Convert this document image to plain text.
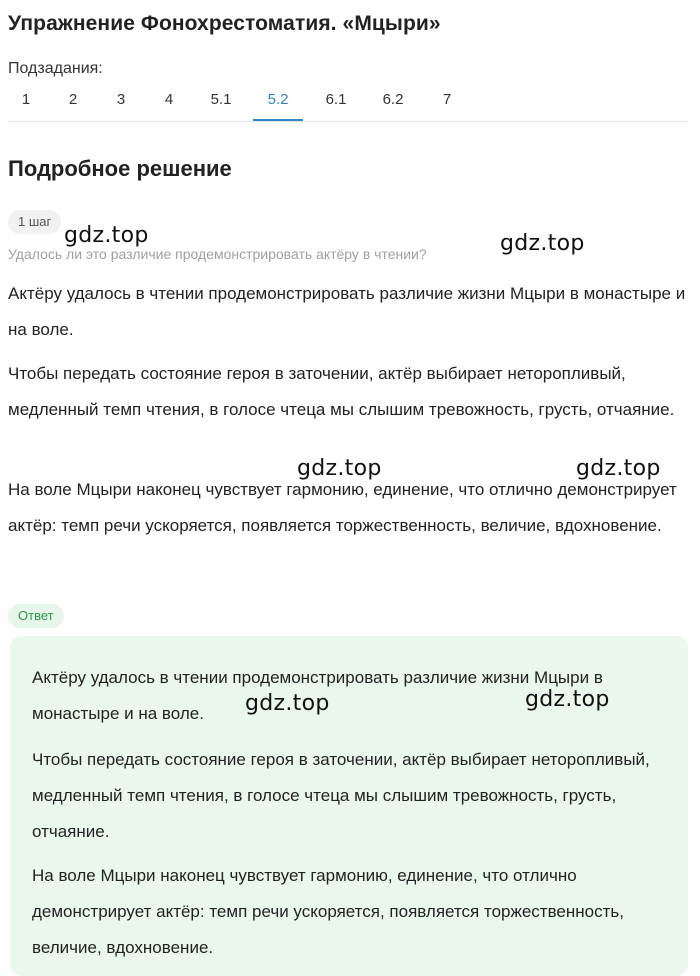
Упражнение Фонохрестоматия. «Мцыри»
Подзадания:
1	2	3	4	5.1	5.2	6.1	6.2	7
Подробное решение
1 шаг
Удалось ли это различие продемонстрировать актёру в чтении?
Актёру удалось в чтении продемонстрировать различие жизни Мцыри в монастыре и на воле.
Чтобы передать состояние героя в заточении, актёр выбирает неторопливый, медленный темп чтения, в голосе чтеца мы слышим тревожность, грусть, отчаяние.
На воле Мцыри наконец чувствует гармонию, единение, что отлично демонстрирует актёр: темп речи ускоряется, появляется торжественность, величие, вдохновение.
Ответ
Актёру удалось в чтении продемонстрировать различие жизни Мцыри в монастыре и на воле.
Чтобы передать состояние героя в заточении, актёр выбирает неторопливый, медленный темп чтения, в голосе чтеца мы слышим тревожность, грусть, отчаяние.
На воле Мцыри наконец чувствует гармонию, единение, что отлично демонстрирует актёр: темп речи ускоряется, появляется торжественность, величие, вдохновение.
gdz.top	gdz.top
gdz.top	gdz.top
gdz.top	gdz.top
